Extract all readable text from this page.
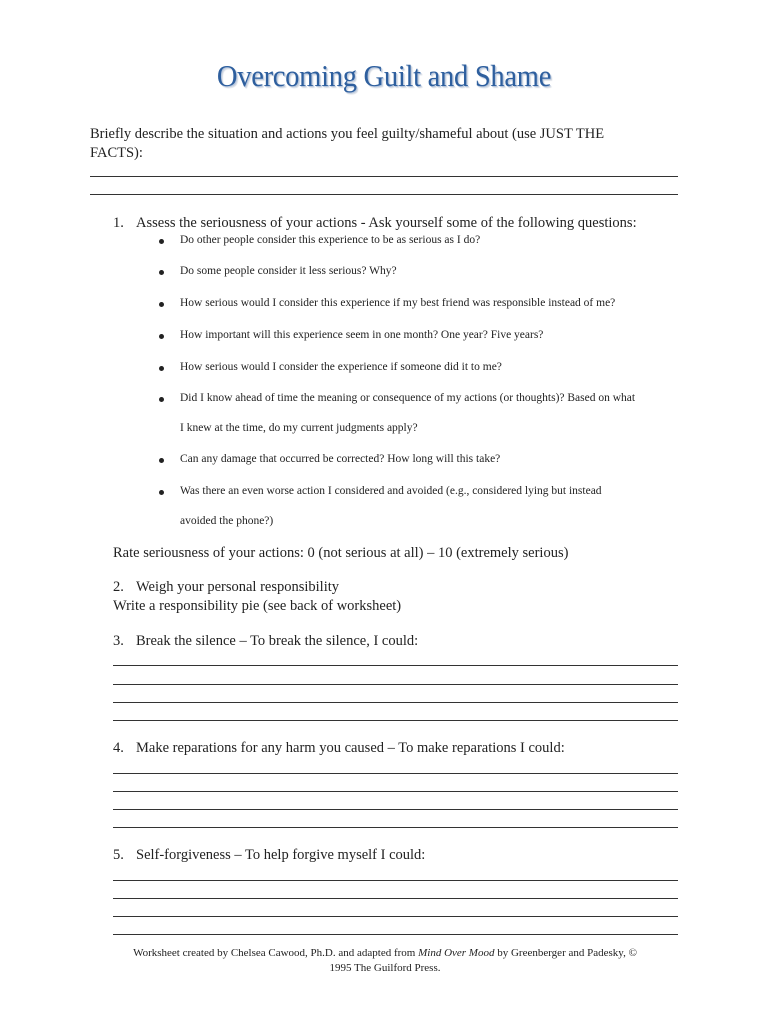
Overcoming Guilt and Shame
Briefly describe the situation and actions you feel guilty/shameful about (use JUST THE FACTS):
1. Assess the seriousness of your actions - Ask yourself some of the following questions:
Do other people consider this experience to be as serious as I do?
Do some people consider it less serious? Why?
How serious would I consider this experience if my best friend was responsible instead of me?
How important will this experience seem in one month? One year? Five years?
How serious would I consider the experience if someone did it to me?
Did I know ahead of time the meaning or consequence of my actions (or thoughts)? Based on what
I knew at the time, do my current judgments apply?
Can any damage that occurred be corrected? How long will this take?
Was there an even worse action I considered and avoided (e.g., considered lying but instead
avoided the phone?)
Rate seriousness of your actions: 0 (not serious at all) – 10 (extremely serious)
2. Weigh your personal responsibility
Write a responsibility pie (see back of worksheet)
3. Break the silence – To break the silence, I could:
4. Make reparations for any harm you caused – To make reparations I could:
5. Self-forgiveness – To help forgive myself I could:
Worksheet created by Chelsea Cawood, Ph.D. and adapted from Mind Over Mood by Greenberger and Padesky, ©
1995 The Guilford Press.
